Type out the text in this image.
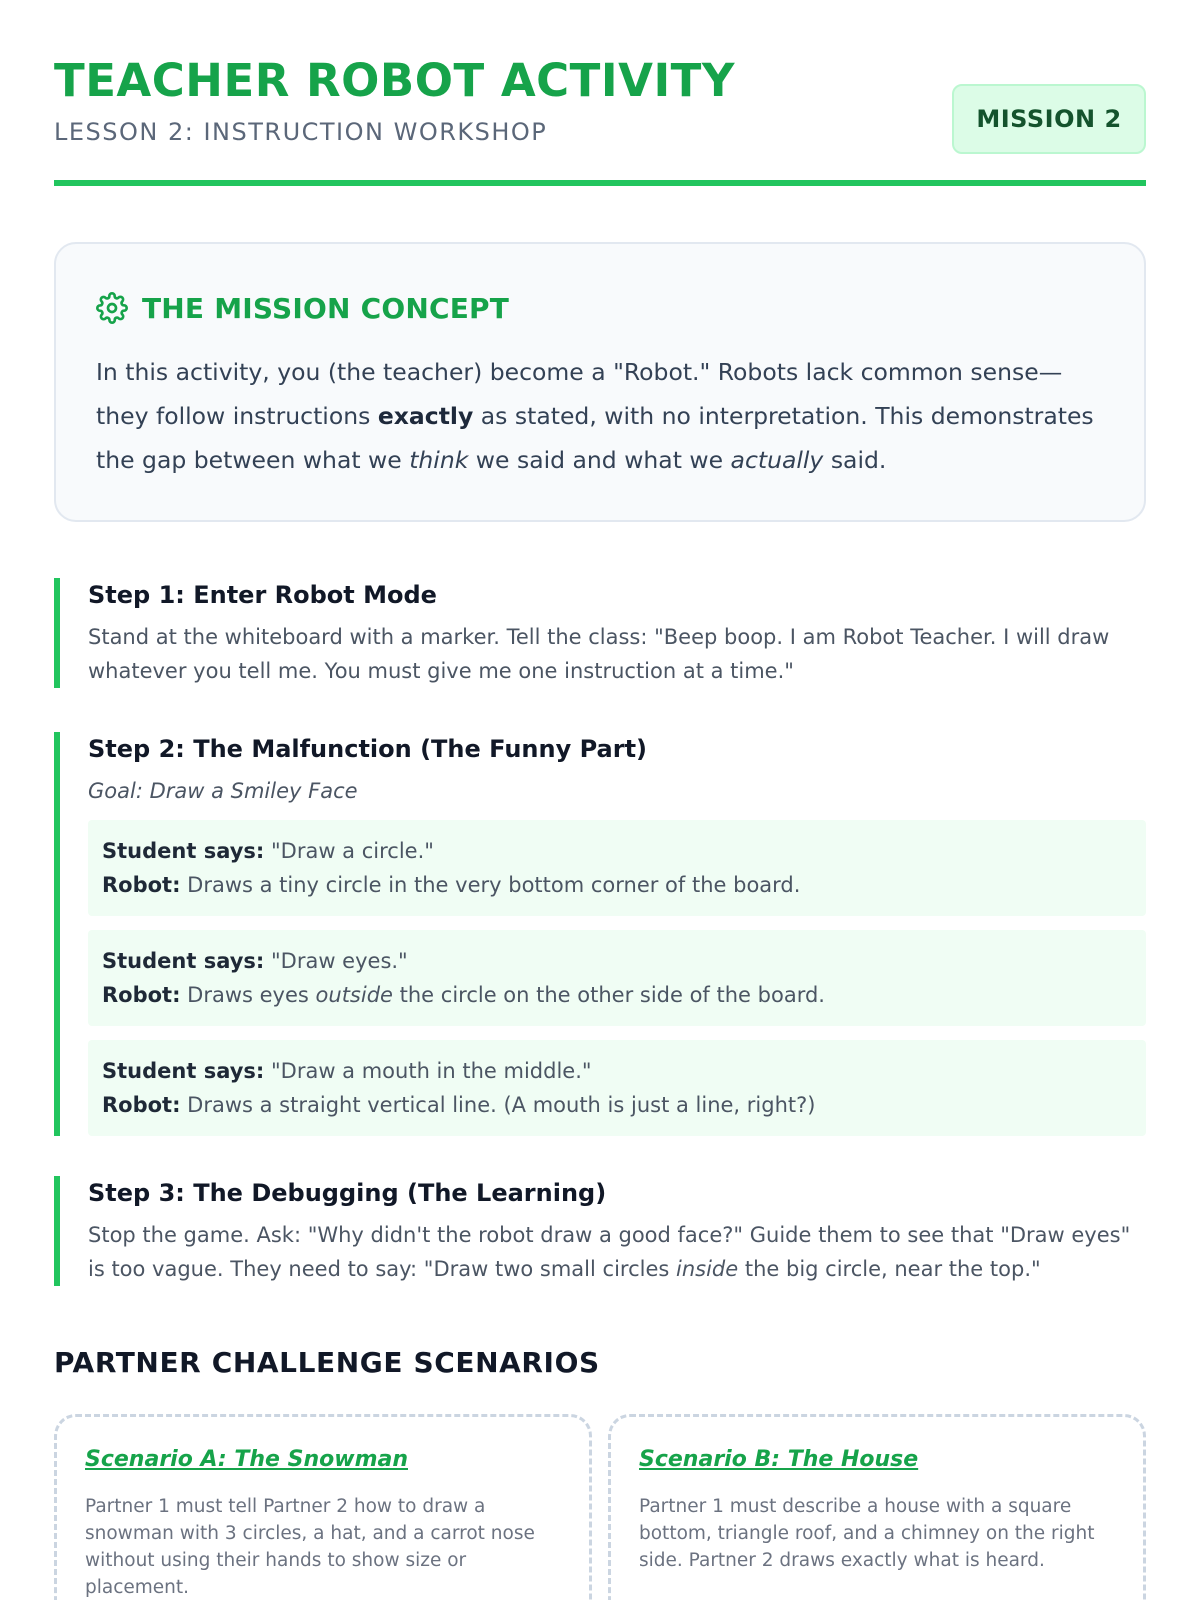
TEACHER ROBOT ACTIVITY
LESSON 2: INSTRUCTION WORKSHOP	MISSION 2
THE MISSION CONCEPT
In this activity, you (the teacher) become a "Robot." Robots lack common sense—they follow instructions exactly as stated, with no interpretation. This demonstrates the gap between what we think we said and what we actually said.
Step 1: Enter Robot Mode
Stand at the whiteboard with a marker. Tell the class: "Beep boop. I am Robot Teacher. I will draw whatever you tell me. You must give me one instruction at a time."
Step 2: The Malfunction (The Funny Part)
Goal: Draw a Smiley Face
Student says: "Draw a circle."
Robot: Draws a tiny circle in the very bottom corner of the board.
Student says: "Draw eyes."
Robot: Draws eyes outside the circle on the other side of the board.
Student says: "Draw a mouth in the middle."
Robot: Draws a straight vertical line. (A mouth is just a line, right?)
Step 3: The Debugging (The Learning)
Stop the game. Ask: "Why didn't the robot draw a good face?" Guide them to see that "Draw eyes" is too vague. They need to say: "Draw two small circles inside the big circle, near the top."
PARTNER CHALLENGE SCENARIOS
Scenario A: The Snowman
Partner 1 must tell Partner 2 how to draw a snowman with 3 circles, a hat, and a carrot nose without using their hands to show size or placement.
Scenario B: The House
Partner 1 must describe a house with a square bottom, triangle roof, and a chimney on the right side. Partner 2 draws exactly what is heard.
